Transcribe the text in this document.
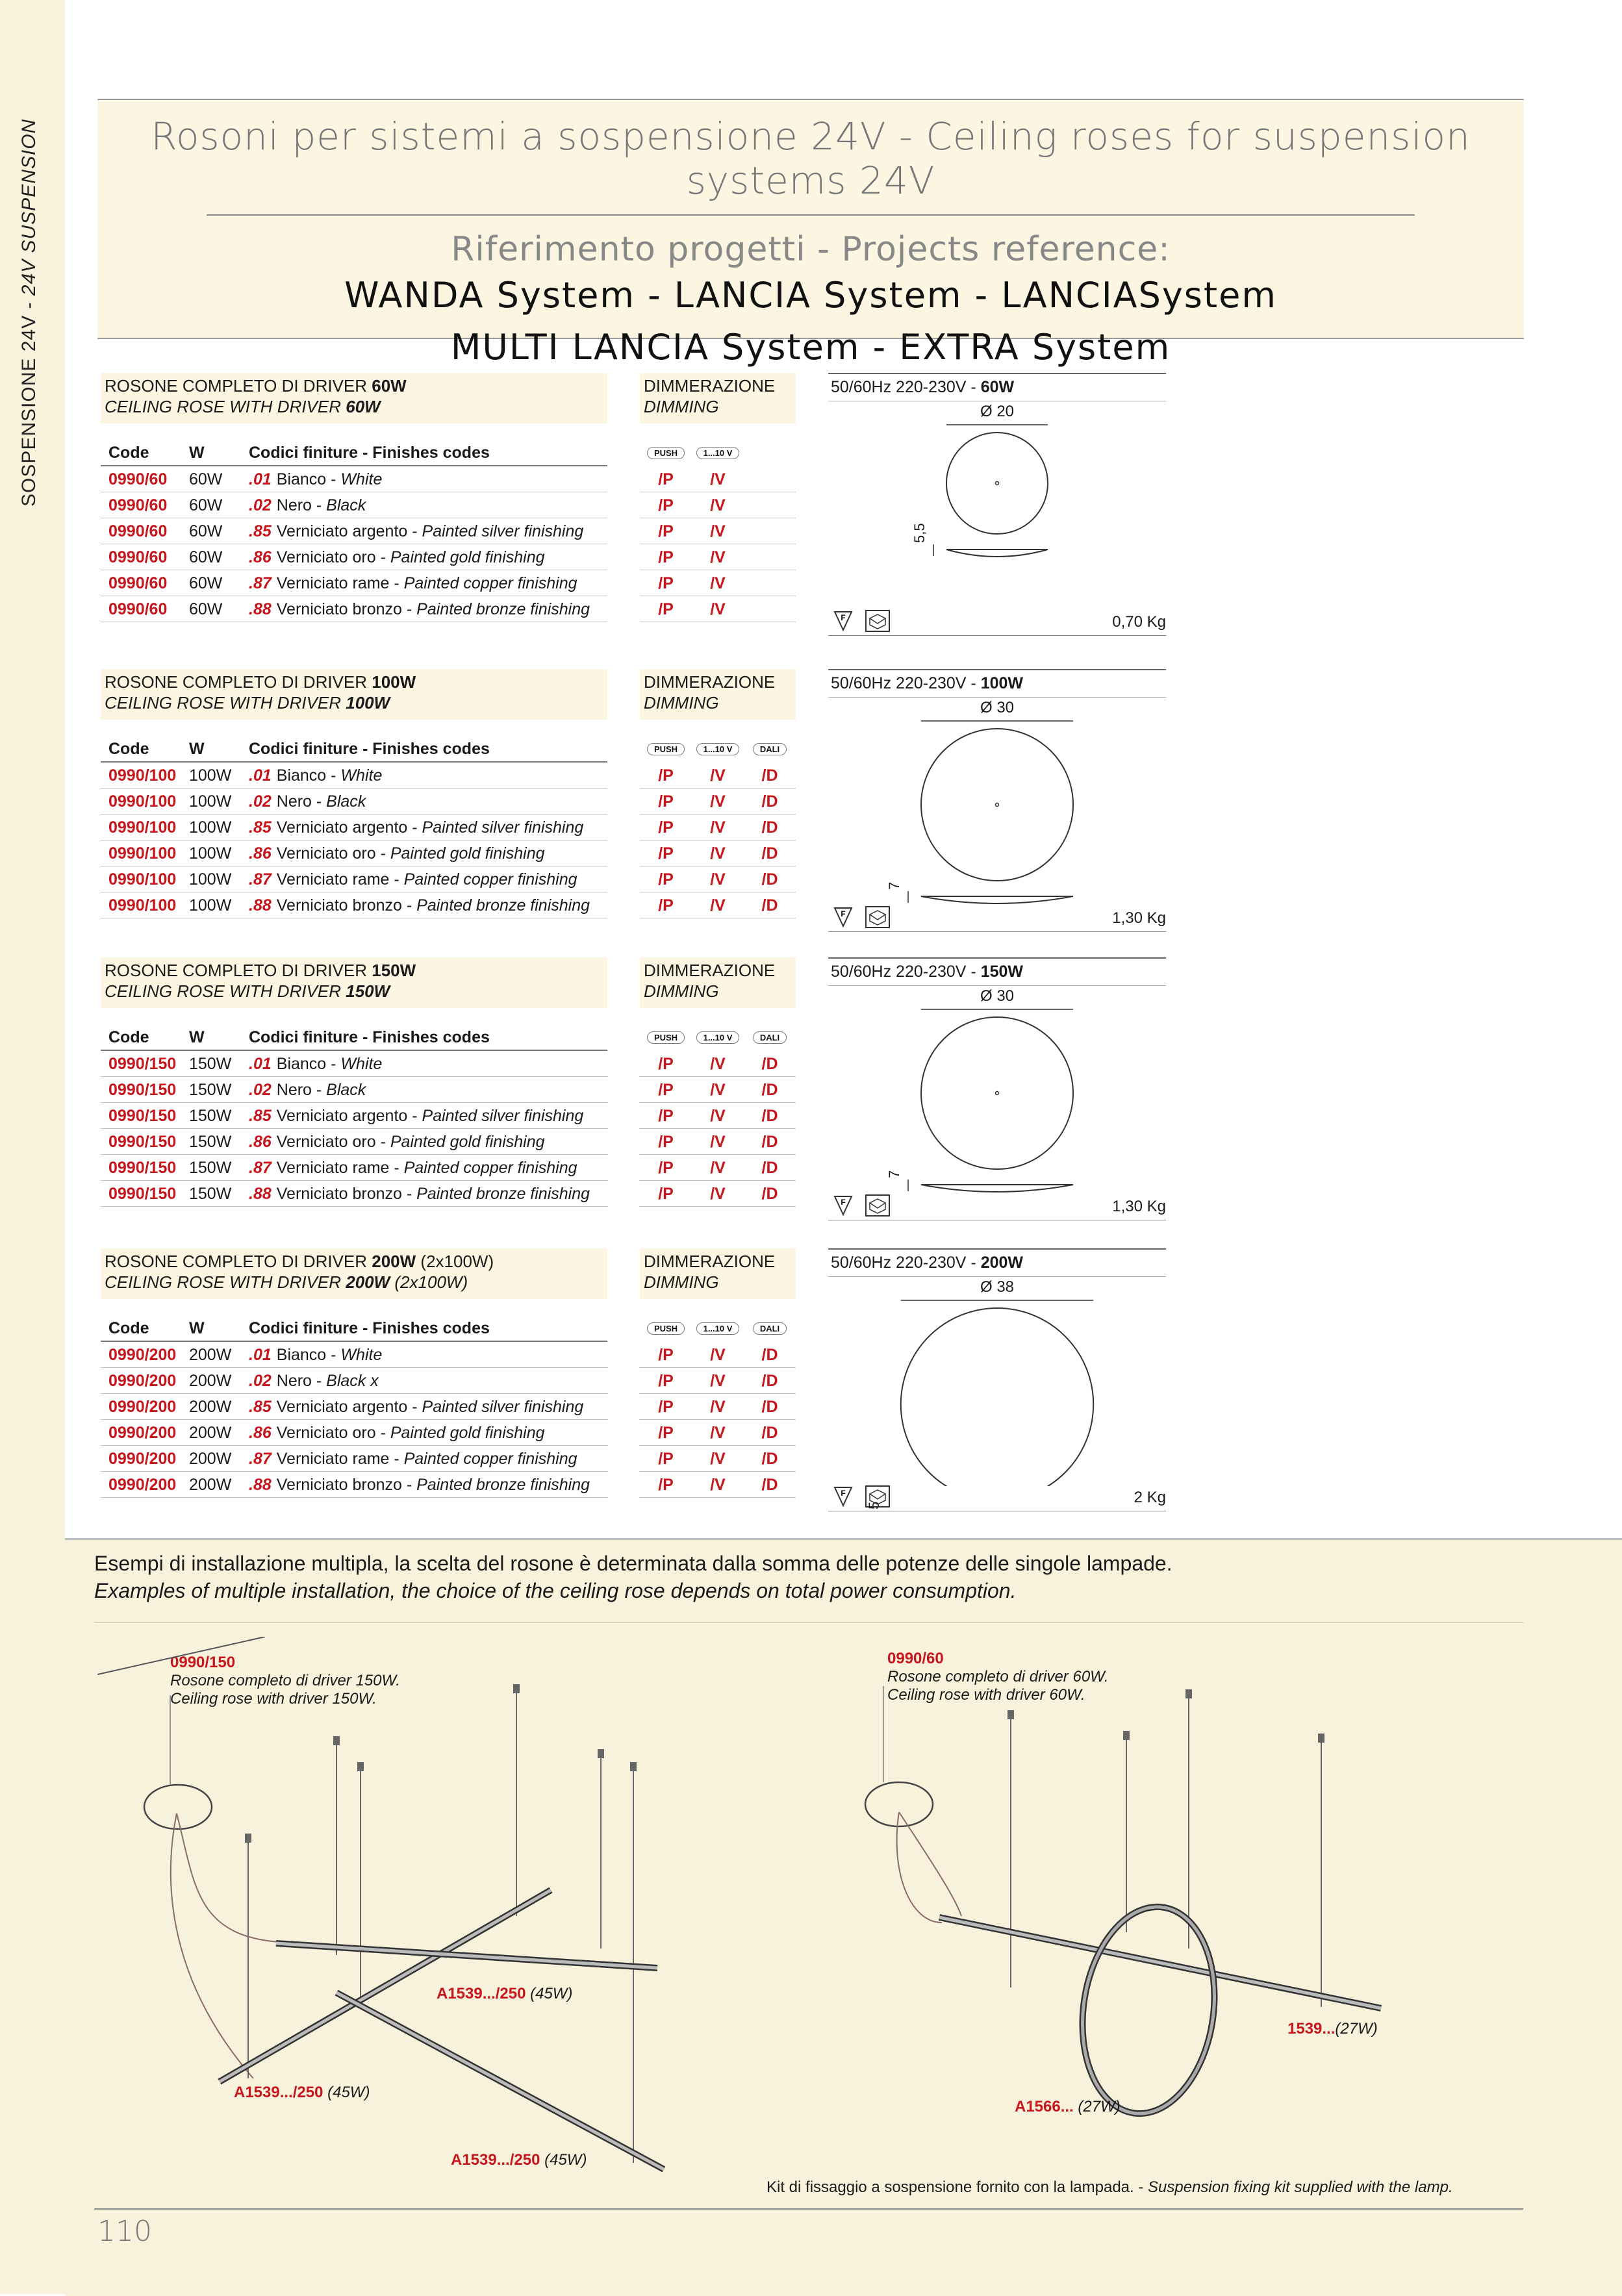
SOSPENSIONE 24V - 24V SUSPENSION	Rosoni per sistemi a sospensione 24V - Ceiling roses for suspension systems 24V
Riferimento progetti - Projects reference:
WANDA System - LANCIA System - LANCIASystem
MULTI LANCIA System - EXTRA System
ROSONE COMPLETO DI DRIVER 60W
CEILING ROSE WITH DRIVER 60W
DIMMERAZIONE
DIMMING
Code	W	Codici finiture - Finishes codes
0990/60	60W	.01 Bianco - White
0990/60	60W	.02 Nero - Black
0990/60	60W	.85 Verniciato argento - Painted silver finishing
0990/60	60W	.86 Verniciato oro - Painted gold finishing
0990/60	60W	.87 Verniciato rame - Painted copper finishing
0990/60	60W	.88 Verniciato bronzo - Painted bronze finishing
PUSH	1...10 V
/P	/V
/P	/V
/P	/V
/P	/V
/P	/V
/P	/V
50/60Hz 220-230V - 60W
Ø 20
5,5
F	0,70 Kg
ROSONE COMPLETO DI DRIVER 100W
CEILING ROSE WITH DRIVER 100W
DIMMERAZIONE
DIMMING
Code	W	Codici finiture - Finishes codes
0990/100 100W	.01 Bianco - White
0990/100 100W	.02 Nero - Black
0990/100 100W	.85 Verniciato argento - Painted silver finishing
0990/100 100W	.86 Verniciato oro - Painted gold finishing
0990/100 100W	.87 Verniciato rame - Painted copper finishing
0990/100 100W	.88 Verniciato bronzo - Painted bronze finishing
PUSH	1...10 V	DALI
/P	/V	/D
/P	/V	/D
/P	/V	/D
/P	/V	/D
/P	/V	/D
/P	/V	/D
50/60Hz 220-230V - 100W
Ø 30
7
F	1,30 Kg
ROSONE COMPLETO DI DRIVER 150W
CEILING ROSE WITH DRIVER 150W
DIMMERAZIONE
DIMMING
Code	W	Codici finiture - Finishes codes
0990/150 150W	.01 Bianco - White
0990/150 150W	.02 Nero - Black
0990/150 150W	.85 Verniciato argento - Painted silver finishing
0990/150 150W	.86 Verniciato oro - Painted gold finishing
0990/150 150W	.87 Verniciato rame - Painted copper finishing
0990/150 150W	.88 Verniciato bronzo - Painted bronze finishing
PUSH	1...10 V	DALI
/P	/V	/D
/P	/V	/D
/P	/V	/D
/P	/V	/D
/P	/V	/D
/P	/V	/D
50/60Hz 220-230V - 150W
Ø 30
7
F	1,30 Kg
ROSONE COMPLETO DI DRIVER 200W (2x100W)
CEILING ROSE WITH DRIVER 200W (2x100W)
DIMMERAZIONE
DIMMING
Code	W	Codici finiture - Finishes codes
0990/200 200W	.01 Bianco - White
0990/200 200W	.02 Nero - Black x
0990/200 200W	.85 Verniciato argento - Painted silver finishing
0990/200 200W	.86 Verniciato oro - Painted gold finishing
0990/200 200W	.87 Verniciato rame - Painted copper finishing
0990/200 200W	.88 Verniciato bronzo - Painted bronze finishing
PUSH	1...10 V	DALI
/P	/V	/D
/P	/V	/D
/P	/V	/D
/P	/V	/D
/P	/V	/D
/P	/V	/D
50/60Hz 220-230V - 200W
Ø 38
5
F	2 Kg
Esempi di installazione multipla, la scelta del rosone è determinata dalla somma delle potenze delle singole lampade.
Examples of multiple installation, the choice of the ceiling rose depends on total power consumption.
0990/150
Rosone completo di driver 150W.
Ceiling rose with driver 150W.
A1539.../250 (45W)
A1539.../250 (45W)
A1539.../250 (45W)
0990/60
Rosone completo di driver 60W.
Ceiling rose with driver 60W.
1539...(27W)
A1566... (27W)
Kit di fissaggio a sospensione fornito con la lampada. - Suspension fixing kit supplied with the lamp.
110
